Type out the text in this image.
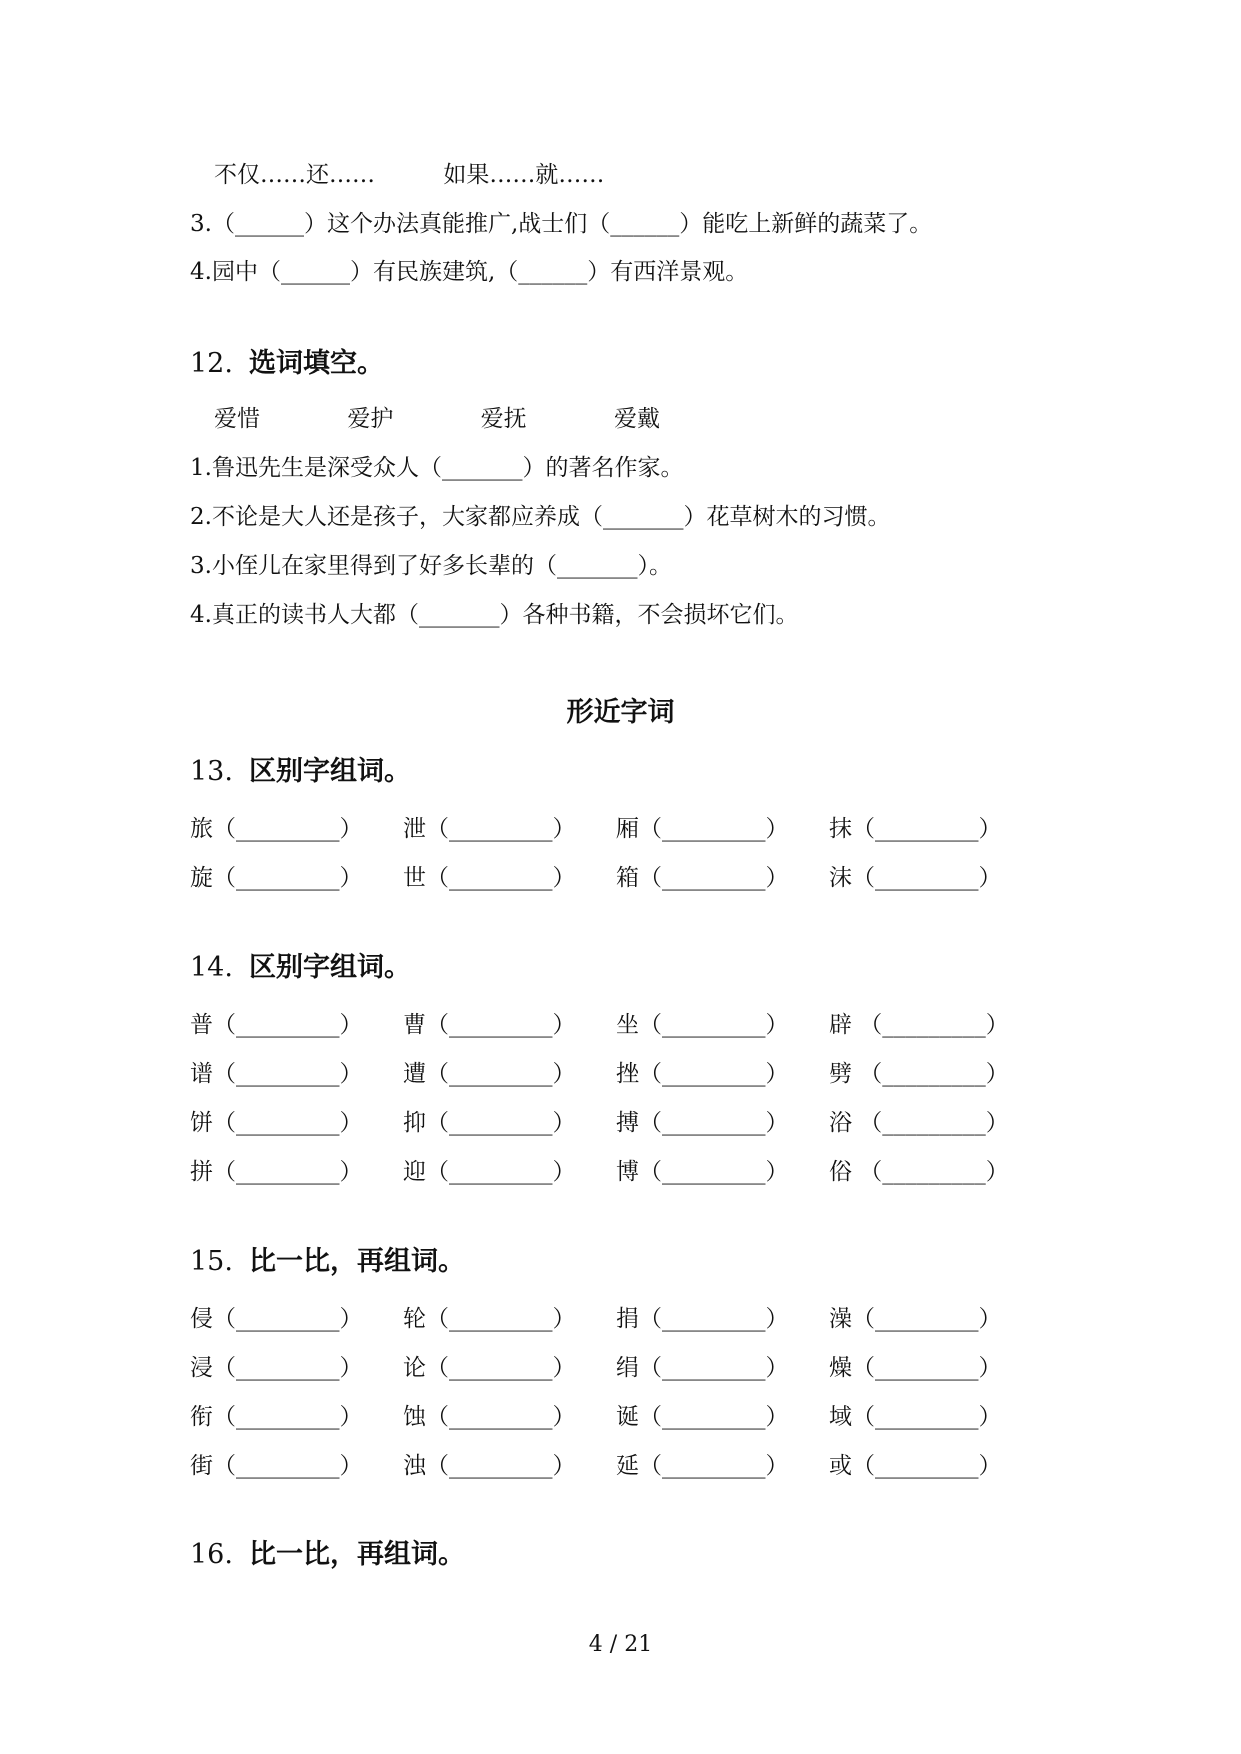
不仅……还……	如果……就……
3.（______）这个办法真能推广,战士们（______）能吃上新鲜的蔬菜了。
4.园中（______）有民族建筑,（______）有西洋景观。
12. 选词填空。
爱惜	爱护	爱抚	爱戴
1.鲁迅先生是深受众人（_______）的著名作家。
2.不论是大人还是孩子，大家都应养成（_______）花草树木的习惯。
3.小侄儿在家里得到了好多长辈的（_______）。
4.真正的读书人大都（_______）各种书籍，不会损坏它们。
形近字词
13. 区别字组词。
旅（_________） 泄（_________） 厢（_________） 抹（_________）
旋（_________） 世（_________） 箱（_________） 沫（_________）
14. 区别字组词。
普（_________） 曹（_________） 坐（_________） 辟 （_________）
谱（_________） 遭（_________） 挫（_________） 劈 （_________）
饼（_________） 抑（_________） 搏（_________） 浴 （_________）
拼（_________） 迎（_________） 博（_________） 俗 （_________）
15. 比一比，再组词。
侵（_________） 轮（_________） 捐（_________） 澡（_________）
浸（_________） 论（_________） 绢（_________） 燥（_________）
衔（_________） 蚀（_________） 诞（_________） 域（_________）
街（_________） 浊（_________） 延（_________） 或（_________）
16. 比一比，再组词。
4 / 21
